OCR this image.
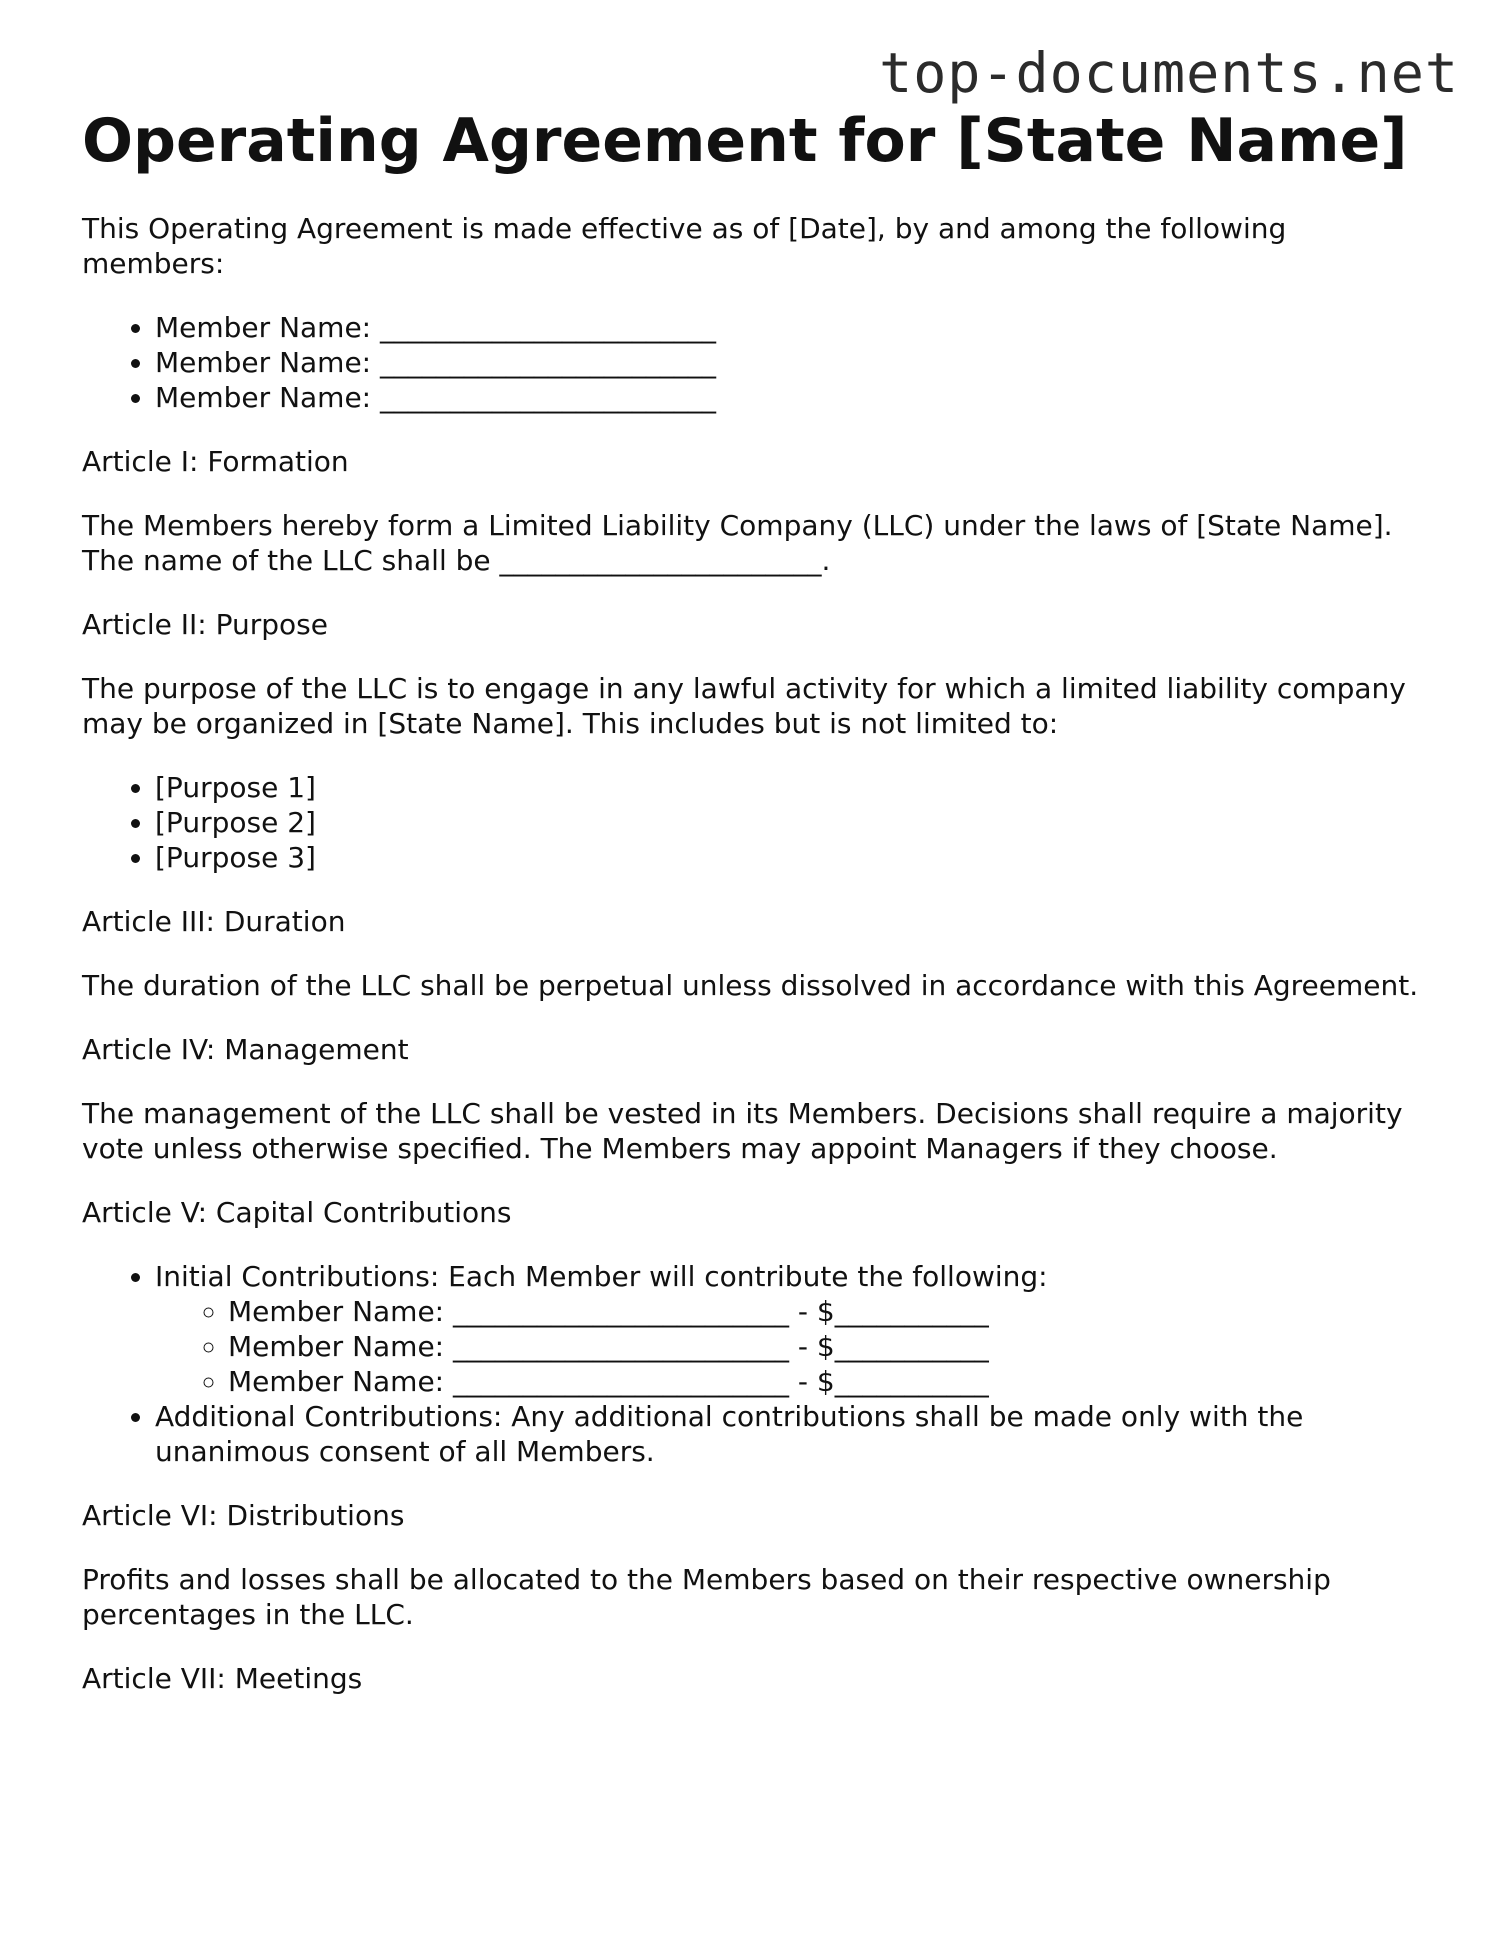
top-documents.net
Operating Agreement for [State Name]

This Operating Agreement is made effective as of [Date], by and among the following members:

• Member Name: ________________________
• Member Name: ________________________
• Member Name: ________________________

Article I: Formation

The Members hereby form a Limited Liability Company (LLC) under the laws of [State Name]. The name of the LLC shall be _______________________.

Article II: Purpose

The purpose of the LLC is to engage in any lawful activity for which a limited liability company may be organized in [State Name]. This includes but is not limited to:

• [Purpose 1]
• [Purpose 2]
• [Purpose 3]

Article III: Duration

The duration of the LLC shall be perpetual unless dissolved in accordance with this Agreement.

Article IV: Management

The management of the LLC shall be vested in its Members. Decisions shall require a majority vote unless otherwise specified. The Members may appoint Managers if they choose.

Article V: Capital Contributions

• Initial Contributions: Each Member will contribute the following:
◦ Member Name: ________________________ - $___________
◦ Member Name: ________________________ - $___________
◦ Member Name: ________________________ - $___________
• Additional Contributions: Any additional contributions shall be made only with the unanimous consent of all Members.

Article VI: Distributions

Profits and losses shall be allocated to the Members based on their respective ownership percentages in the LLC.

Article VII: Meetings
